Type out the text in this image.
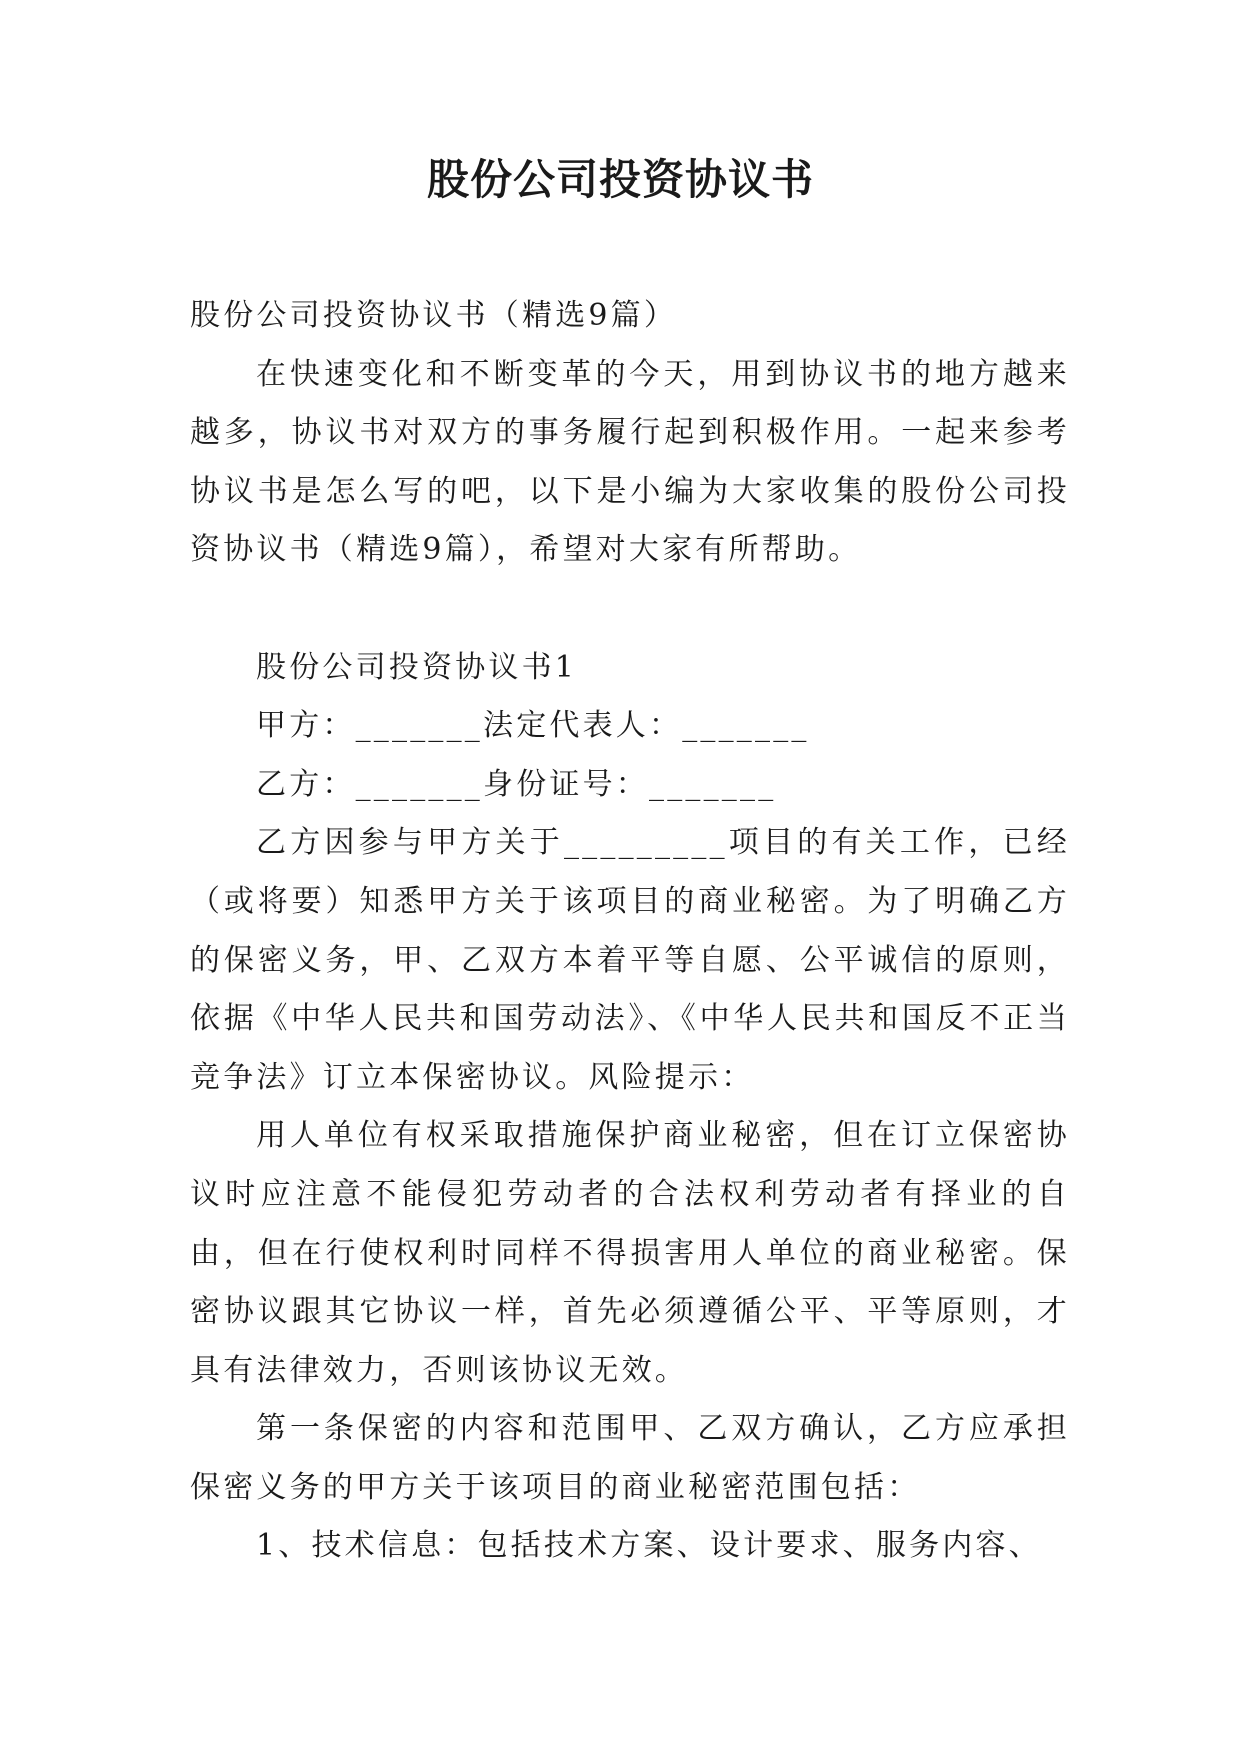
股份公司投资协议书

股份公司投资协议书（精选9篇）

在快速变化和不断变革的今天，用到协议书的地方越来越多，协议书对双方的事务履行起到积极作用。一起来参考协议书是怎么写的吧，以下是小编为大家收集的股份公司投资协议书（精选9篇），希望对大家有所帮助。

股份公司投资协议书1

甲方：_______法定代表人：_______

乙方：_______身份证号：_______

乙方因参与甲方关于_________项目的有关工作，已经（或将要）知悉甲方关于该项目的商业秘密。为了明确乙方的保密义务，甲、乙双方本着平等自愿、公平诚信的原则，依据《中华人民共和国劳动法》、《中华人民共和国反不正当竞争法》订立本保密协议。风险提示：

用人单位有权采取措施保护商业秘密，但在订立保密协议时应注意不能侵犯劳动者的合法权利劳动者有择业的自由，但在行使权利时同样不得损害用人单位的商业秘密。保密协议跟其它协议一样，首先必须遵循公平、平等原则，才具有法律效力，否则该协议无效。

第一条保密的内容和范围甲、乙双方确认，乙方应承担保密义务的甲方关于该项目的商业秘密范围包括：

1、技术信息：包括技术方案、设计要求、服务内容、
